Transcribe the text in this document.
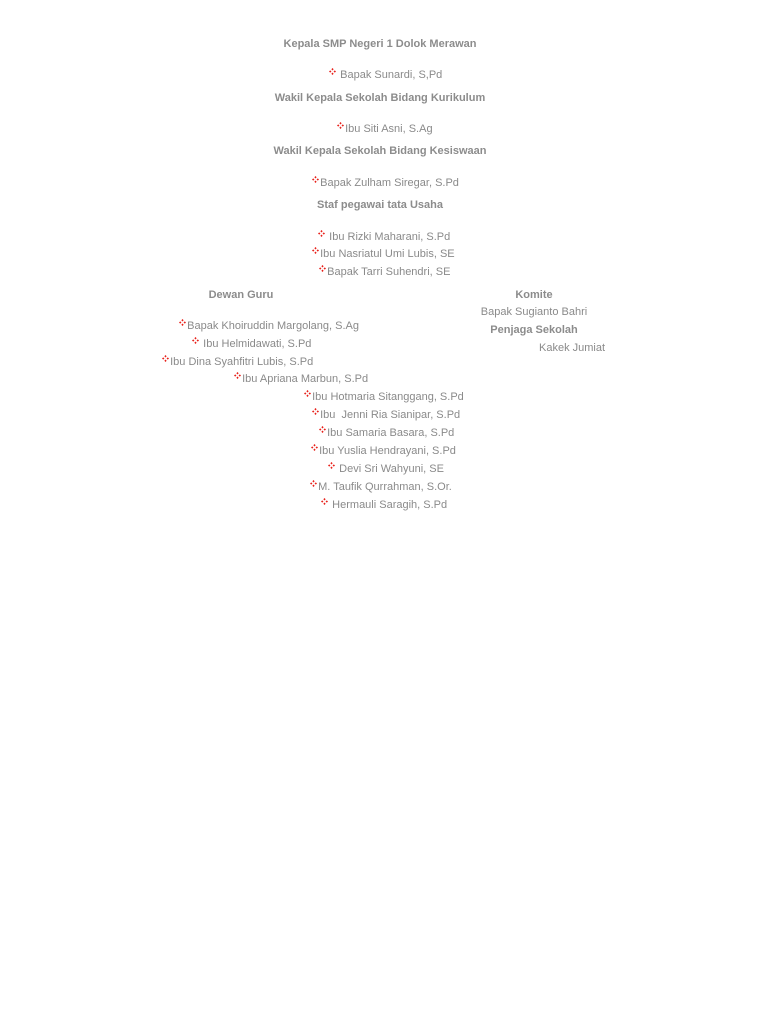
Kepala SMP Negeri 1 Dolok Merawan

Bapak Sunardi, S,Pd

Wakil Kepala Sekolah Bidang Kurikulum

Ibu Siti Asni, S.Ag

Wakil Kepala Sekolah Bidang Kesiswaan

Bapak Zulham Siregar, S.Pd

Staf pegawai tata Usaha

Ibu Rizki Maharani, S.Pd

Ibu Nasriatul Umi Lubis, SE

Bapak Tarri Suhendri, SE

Dewan Guru

Bapak Khoiruddin Margolang, S.Ag

Ibu Helmidawati, S.Pd

Ibu Dina Syahfitri Lubis, S.Pd

Ibu Apriana Marbun, S.Pd

Ibu Hotmaria Sitanggang, S.Pd

Ibu  Jenni Ria Sianipar, S.Pd

Ibu Samaria Basara, S.Pd

Ibu Yuslia Hendrayani, S.Pd

Devi Sri Wahyuni, SE

M. Taufik Qurrahman, S.Or.

Hermauli Saragih, S.Pd

Komite
Bapak Sugianto Bahri
Penjaga Sekolah
Kakek Jumiat
